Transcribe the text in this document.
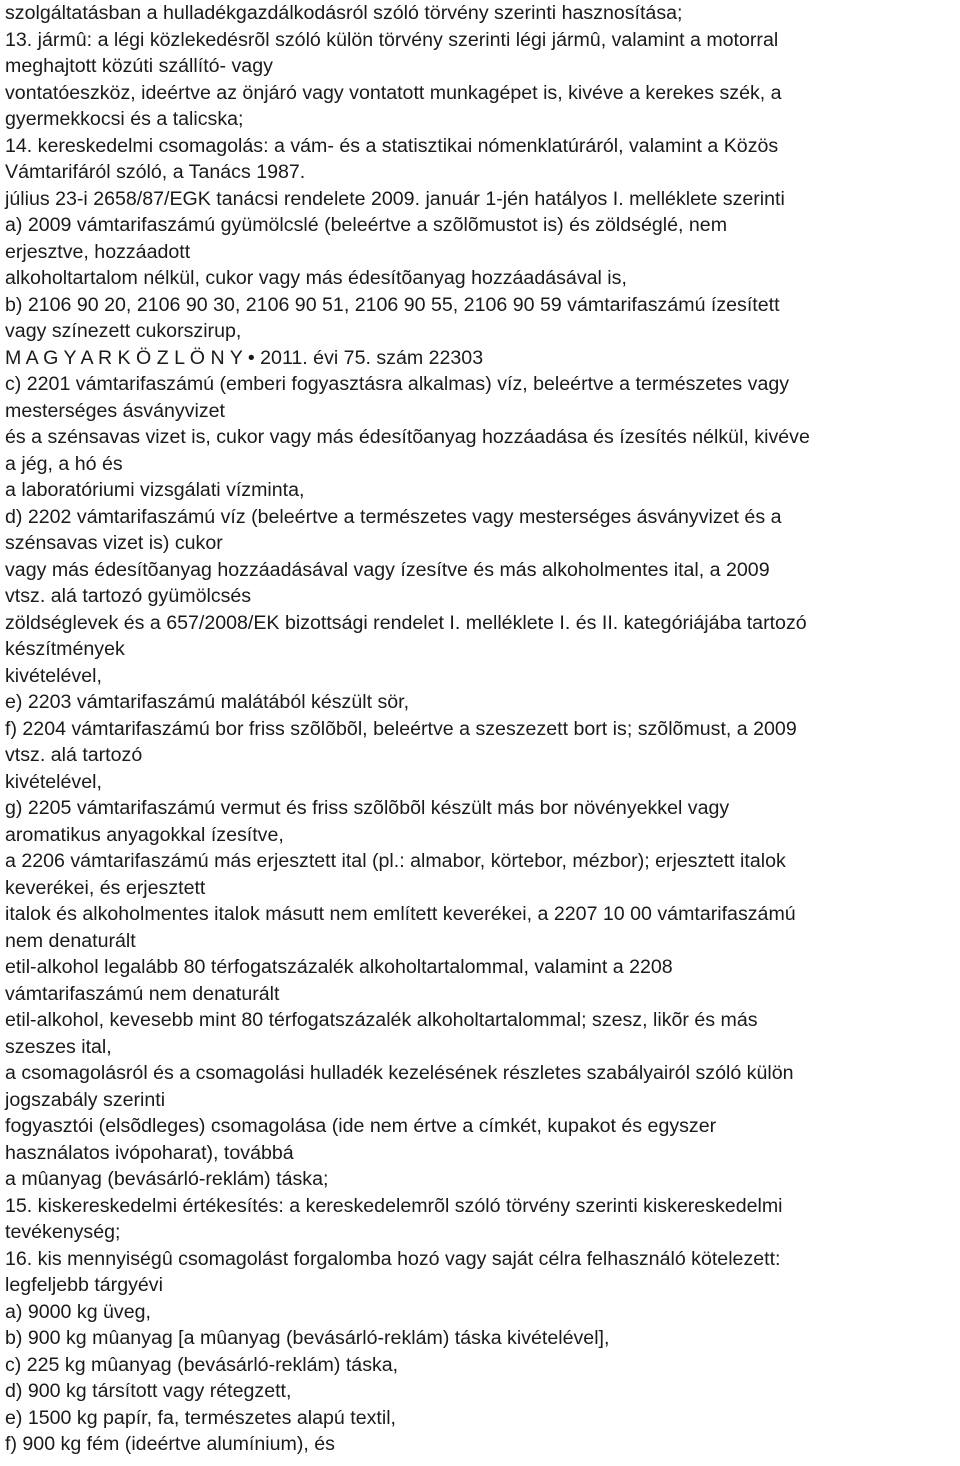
szolgáltatásban a hulladékgazdálkodásról szóló törvény szerinti hasznosítása;
13. jármû: a légi közlekedésrõl szóló külön törvény szerinti légi jármû, valamint a motorral
meghajtott közúti szállító- vagy
vontatóeszköz, ideértve az önjáró vagy vontatott munkagépet is, kivéve a kerekes szék, a
gyermekkocsi és a talicska;
14. kereskedelmi csomagolás: a vám- és a statisztikai nómenklatúráról, valamint a Közös
Vámtarifáról szóló, a Tanács 1987.
július 23-i 2658/87/EGK tanácsi rendelete 2009. január 1-jén hatályos I. melléklete szerinti
a) 2009 vámtarifaszámú gyümölcslé (beleértve a szõlõmustot is) és zöldséglé, nem
erjesztve, hozzáadott
alkoholtartalom nélkül, cukor vagy más édesítõanyag hozzáadásával is,
b) 2106 90 20, 2106 90 30, 2106 90 51, 2106 90 55, 2106 90 59 vámtarifaszámú ízesített
vagy színezett cukorszirup,
M A G Y A R K Ö Z L Ö N Y • 2011. évi 75. szám 22303
c) 2201 vámtarifaszámú (emberi fogyasztásra alkalmas) víz, beleértve a természetes vagy
mesterséges ásványvizet
és a szénsavas vizet is, cukor vagy más édesítõanyag hozzáadása és ízesítés nélkül, kivéve
a jég, a hó és
a laboratóriumi vizsgálati vízminta,
d) 2202 vámtarifaszámú víz (beleértve a természetes vagy mesterséges ásványvizet és a
szénsavas vizet is) cukor
vagy más édesítõanyag hozzáadásával vagy ízesítve és más alkoholmentes ital, a 2009
vtsz. alá tartozó gyümölcsés
zöldséglevek és a 657/2008/EK bizottsági rendelet I. melléklete I. és II. kategóriájába tartozó
készítmények
kivételével,
e) 2203 vámtarifaszámú malátából készült sör,
f) 2204 vámtarifaszámú bor friss szõlõbõl, beleértve a szeszezett bort is; szõlõmust, a 2009
vtsz. alá tartozó
kivételével,
g) 2205 vámtarifaszámú vermut és friss szõlõbõl készült más bor növényekkel vagy
aromatikus anyagokkal ízesítve,
a 2206 vámtarifaszámú más erjesztett ital (pl.: almabor, körtebor, mézbor); erjesztett italok
keverékei, és erjesztett
italok és alkoholmentes italok másutt nem említett keverékei, a 2207 10 00 vámtarifaszámú
nem denaturált
etil-alkohol legalább 80 térfogatszázalék alkoholtartalommal, valamint a 2208
vámtarifaszámú nem denaturált
etil-alkohol, kevesebb mint 80 térfogatszázalék alkoholtartalommal; szesz, likõr és más
szeszes ital,
a csomagolásról és a csomagolási hulladék kezelésének részletes szabályairól szóló külön
jogszabály szerinti
fogyasztói (elsõdleges) csomagolása (ide nem értve a címkét, kupakot és egyszer
használatos ivópoharat), továbbá
a mûanyag (bevásárló-reklám) táska;
15. kiskereskedelmi értékesítés: a kereskedelemrõl szóló törvény szerinti kiskereskedelmi
tevékenység;
16. kis mennyiségû csomagolást forgalomba hozó vagy saját célra felhasználó kötelezett:
legfeljebb tárgyévi
a) 9000 kg üveg,
b) 900 kg mûanyag [a mûanyag (bevásárló-reklám) táska kivételével],
c) 225 kg mûanyag (bevásárló-reklám) táska,
d) 900 kg társított vagy rétegzett,
e) 1500 kg papír, fa, természetes alapú textil,
f) 900 kg fém (ideértve alumínium), és
